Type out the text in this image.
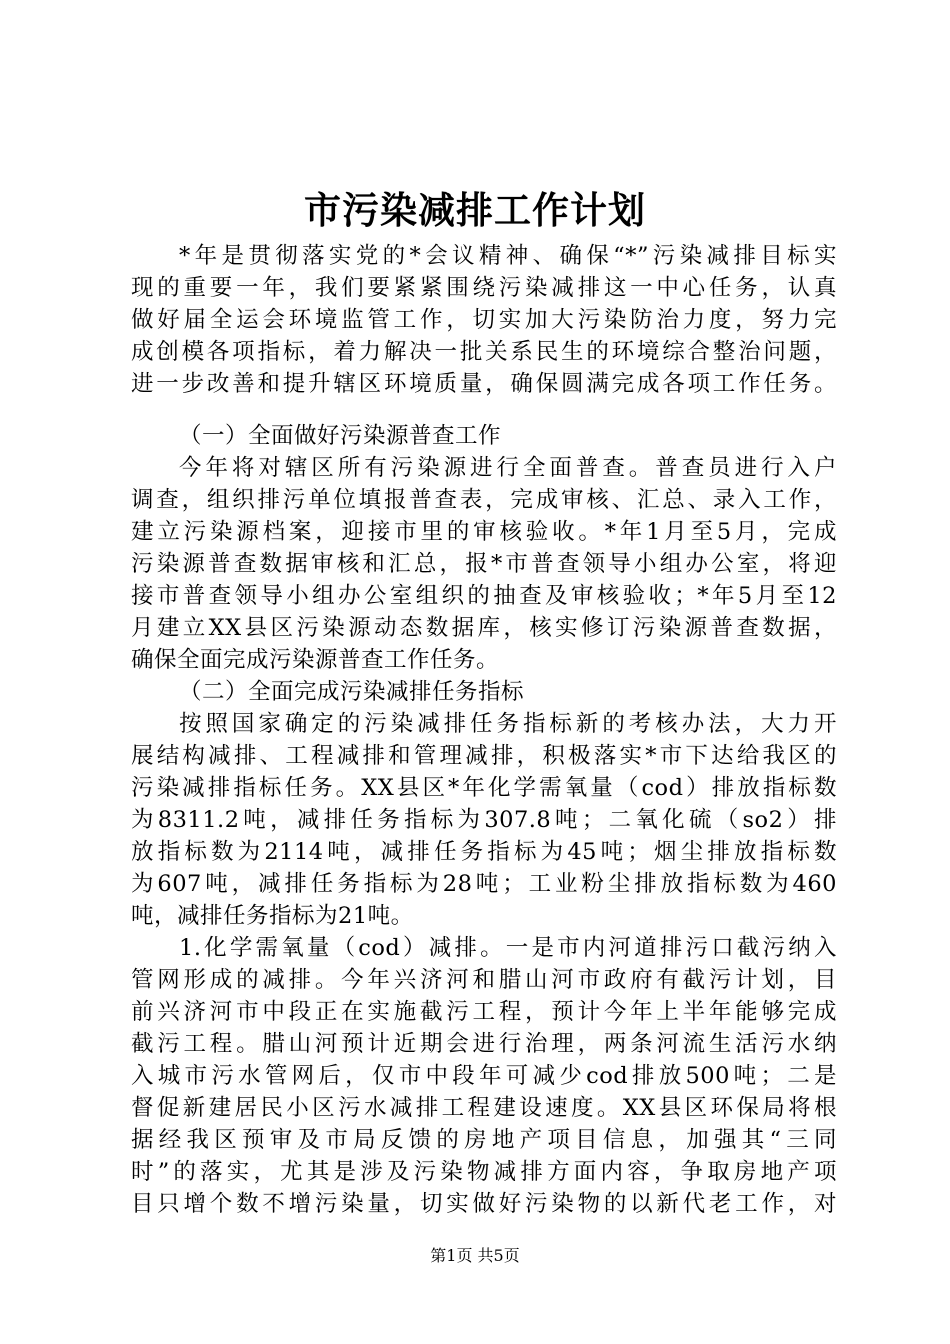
市污染减排工作计划
*年是贯彻落实党的*会议精神、确保“*”污染减排目标实
现的重要一年，我们要紧紧围绕污染减排这一中心任务，认真
做好届全运会环境监管工作，切实加大污染防治力度，努力完
成创模各项指标，着力解决一批关系民生的环境综合整治问题，
进一步改善和提升辖区环境质量，确保圆满完成各项工作任务。
（一）全面做好污染源普查工作
今年将对辖区所有污染源进行全面普查。普查员进行入户
调查，组织排污单位填报普查表，完成审核、汇总、录入工作，
建立污染源档案，迎接市里的审核验收。*年1月至5月，完成
污染源普查数据审核和汇总，报*市普查领导小组办公室，将迎
接市普查领导小组办公室组织的抽查及审核验收；*年5月至12
月建立XX县区污染源动态数据库，核实修订污染源普查数据，
确保全面完成污染源普查工作任务。
（二）全面完成污染减排任务指标
按照国家确定的污染减排任务指标新的考核办法，大力开
展结构减排、工程减排和管理减排，积极落实*市下达给我区的
污染减排指标任务。XX县区*年化学需氧量（cod）排放指标数
为8311.2吨，减排任务指标为307.8吨；二氧化硫（so2）排
放指标数为2114吨，减排任务指标为45吨；烟尘排放指标数
为607吨，减排任务指标为28吨；工业粉尘排放指标数为460
吨，减排任务指标为21吨。
1.化学需氧量（cod）减排。一是市内河道排污口截污纳入
管网形成的减排。今年兴济河和腊山河市政府有截污计划，目
前兴济河市中段正在实施截污工程，预计今年上半年能够完成
截污工程。腊山河预计近期会进行治理，两条河流生活污水纳
入城市污水管网后，仅市中段年可减少cod排放500吨；二是
督促新建居民小区污水减排工程建设速度。XX县区环保局将根
据经我区预审及市局反馈的房地产项目信息，加强其“三同
时”的落实，尤其是涉及污染物减排方面内容，争取房地产项
目只增个数不增污染量，切实做好污染物的以新代老工作，对
第1页 共5页
